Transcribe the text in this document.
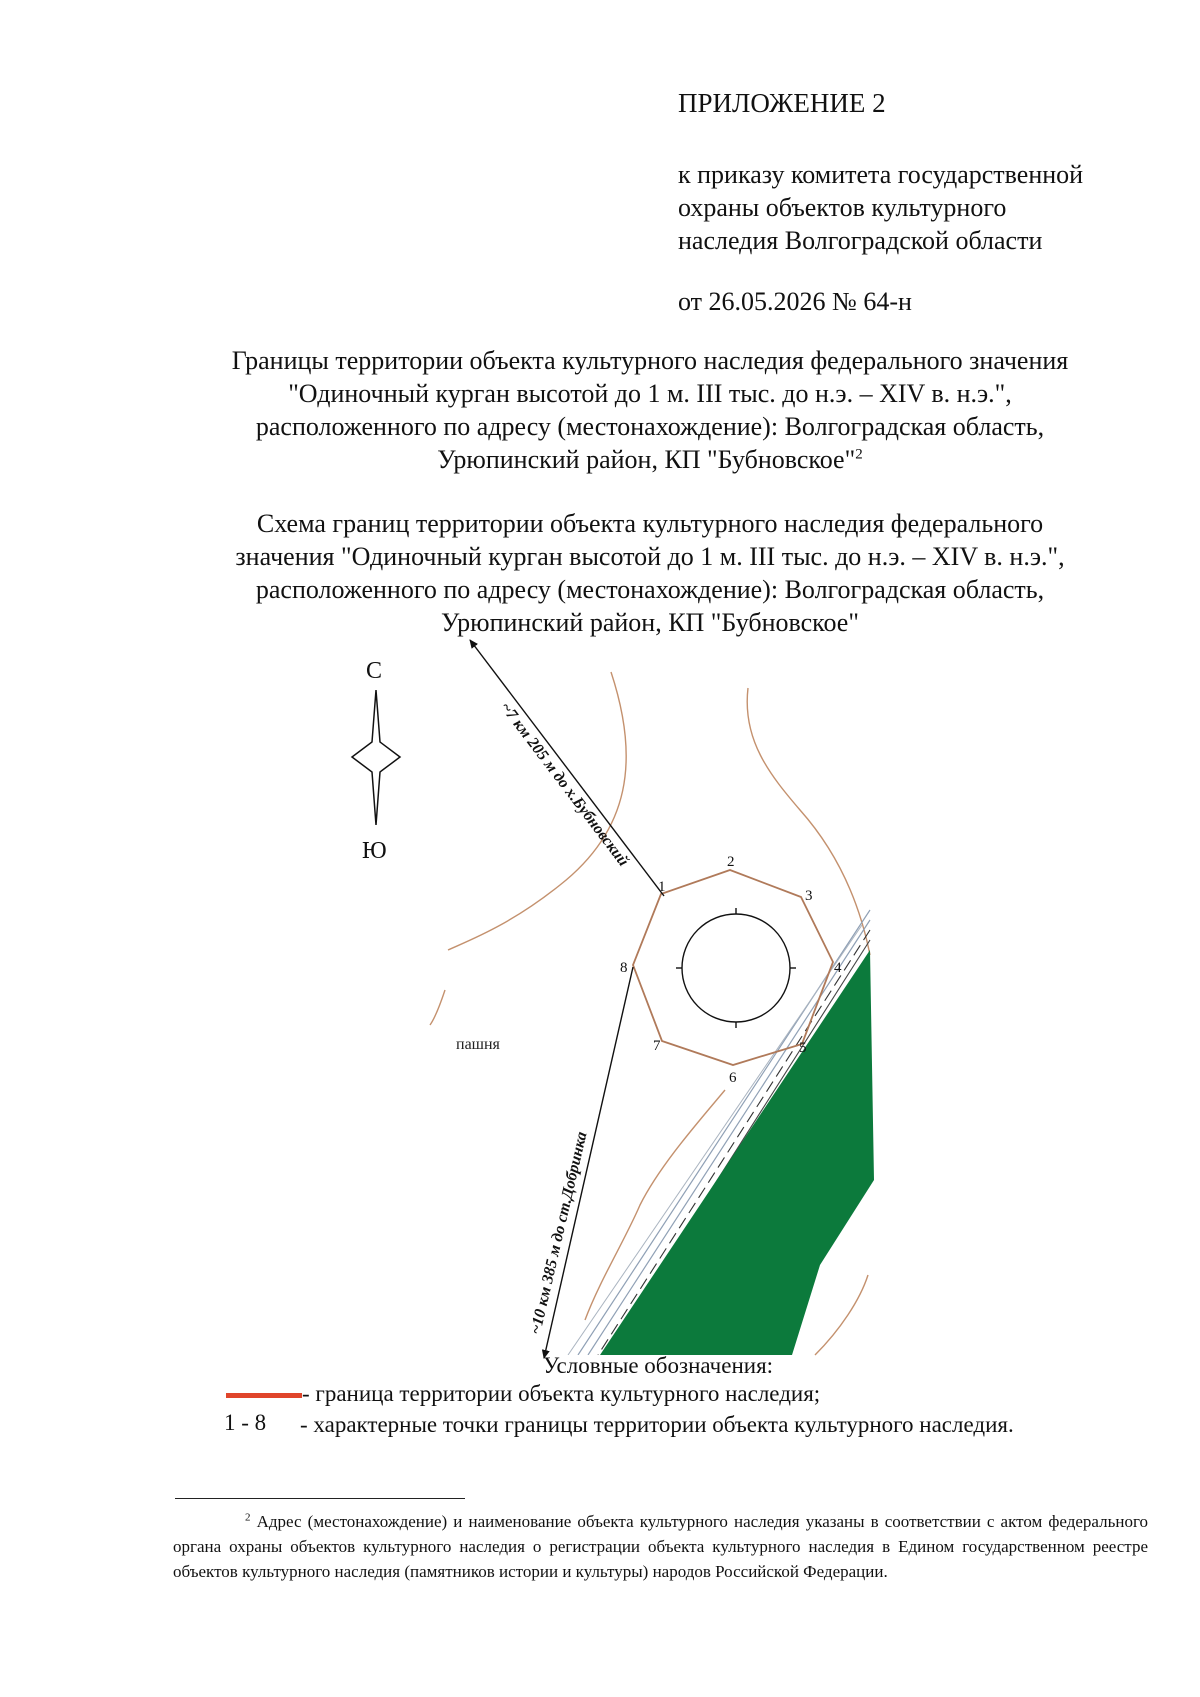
ПРИЛОЖЕНИЕ 2
к приказу комитета государственной
охраны объектов культурного
наследия Волгоградской области
от 26.05.2026 № 64-н
Границы территории объекта культурного наследия федерального значения
"Одиночный курган высотой до 1 м. III тыс. до н.э. – XIV в. н.э.",
расположенного по адресу (местонахождение): Волгоградская область,
Урюпинский район, КП "Бубновское"$^2$
Схема границ территории объекта культурного наследия федерального
значения "Одиночный курган высотой до 1 м. III тыс. до н.э. – XIV в. н.э.",
расположенного по адресу (местонахождение): Волгоградская область,
Урюпинский район, КП "Бубновское"
1
2
3
4
5
6
7
8
~7 км 205 м до х.Бубновский
~10 км 385 м до ст.Добринка
пашня
С
Ю
Условные обозначения:
- граница территории объекта культурного наследия;
1 - 8 - характерные точки границы территории объекта культурного наследия.
$^2$ Адрес (местонахождение) и наименование объекта культурного наследия указаны в соответствии с актом федерального органа охраны объектов культурного наследия о регистрации объекта культурного наследия в Едином государственном реестре объектов культурного наследия (памятников истории и культуры) народов Российской Федерации.
